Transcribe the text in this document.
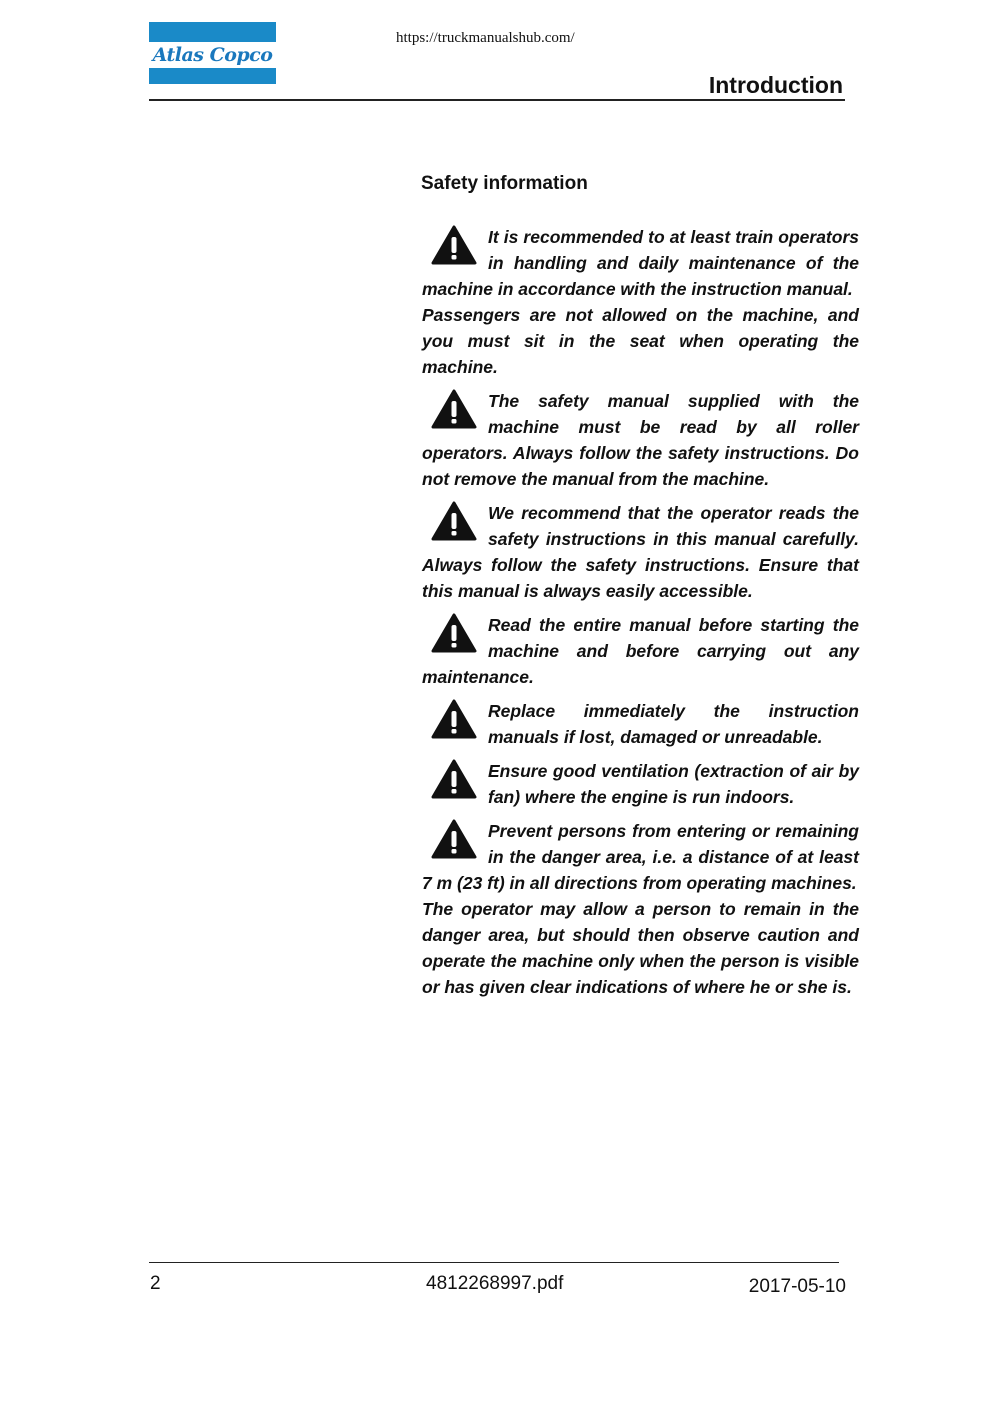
Atlas Copco
https://truckmanualshub.com/
Introduction
Safety information

It is recommended to at least train operators in handling and daily maintenance of the machine in accordance with the instruction manual.

Passengers are not allowed on the machine, and you must sit in the seat when operating the machine.

The safety manual supplied with the machine must be read by all roller operators. Always follow the safety instructions. Do not remove the manual from the machine.

We recommend that the operator reads the safety instructions in this manual carefully. Always follow the safety instructions. Ensure that this manual is always easily accessible.

Read the entire manual before starting the machine and before carrying out any maintenance.

Replace immediately the instruction manuals if lost, damaged or unreadable.

Ensure good ventilation (extraction of air by fan) where the engine is run indoors.

Prevent persons from entering or remaining in the danger area, i.e. a distance of at least 7 m (23 ft) in all directions from operating machines.

The operator may allow a person to remain in the danger area, but should then observe caution and operate the machine only when the person is visible or has given clear indications of where he or she is.

2	4812268997.pdf	2017-05-10
